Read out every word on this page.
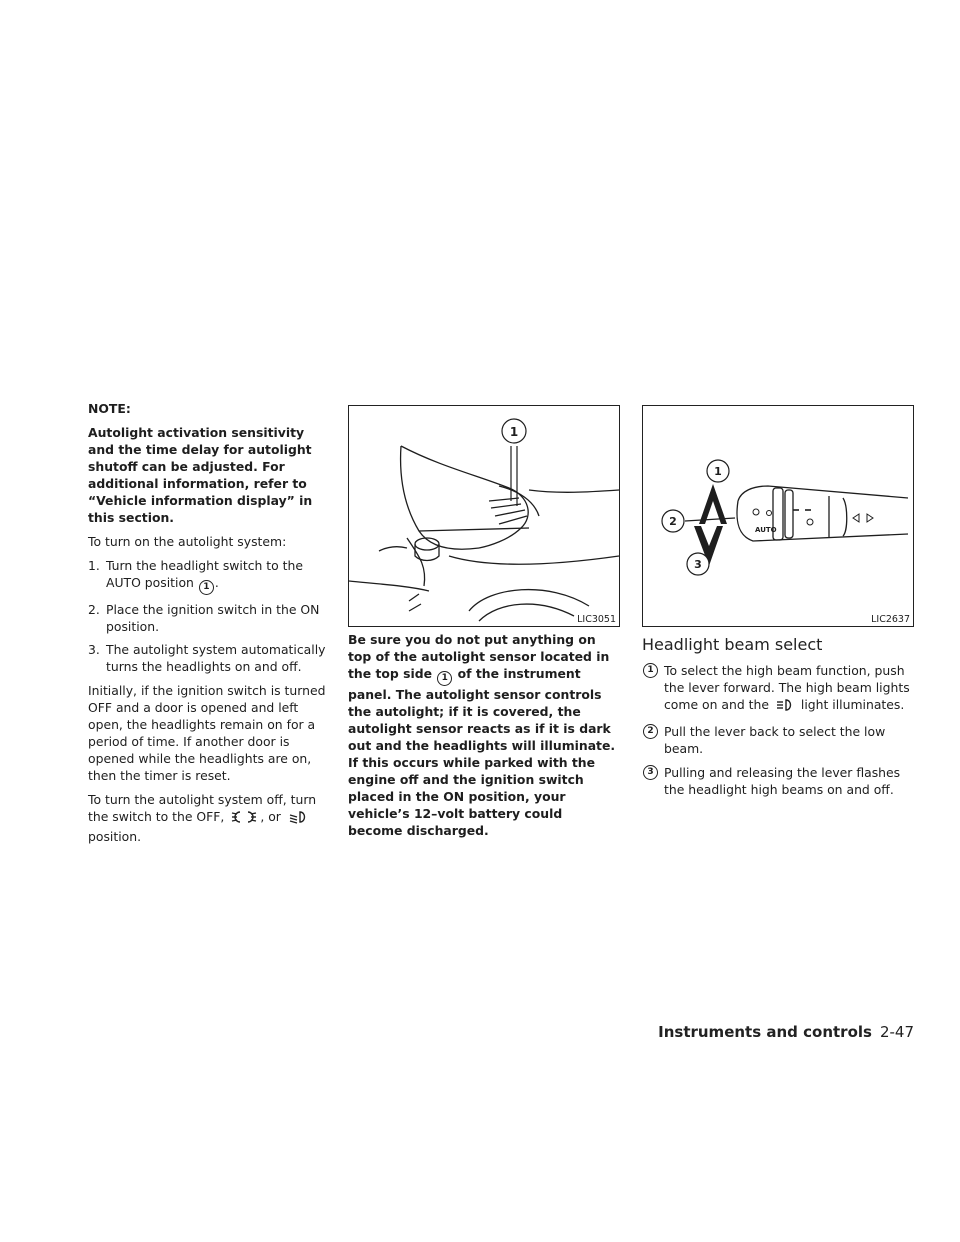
NOTE:

Autolight activation sensitivity and the time delay for autolight shutoff can be adjusted. For additional information, refer to “Vehicle information display” in this section.

To turn on the autolight system:

1. Turn the headlight switch to the AUTO position 1 .
2. Place the ignition switch in the ON position.
3. The autolight system automatically turns the headlights on and off.

Initially, if the ignition switch is turned OFF and a door is opened and left open, the headlights remain on for a period of time. If another door is opened while the headlights are on, then the timer is reset.

To turn the autolight system off, turn the switch to the OFF,	, or  position.

1
LIC3051

Be sure you do not put anything on top of the autolight sensor located in the top side 1 of the instrument panel. The autolight sensor controls the autolight; if it is covered, the autolight sensor reacts as if it is dark out and the headlights will illuminate. If this occurs while parked with the engine off and the ignition switch placed in the ON position, your vehicle’s 12–volt battery could become discharged.

AUTO
1
2
3
LIC2637
Headlight beam select

1 To select the high beam function, push the lever forward. The high beam lights come on and the	light illuminates.

2 Pull the lever back to select the low beam.

3 Pulling and releasing the lever flashes the headlight high beams on and off.

Instruments and controls 2-47
